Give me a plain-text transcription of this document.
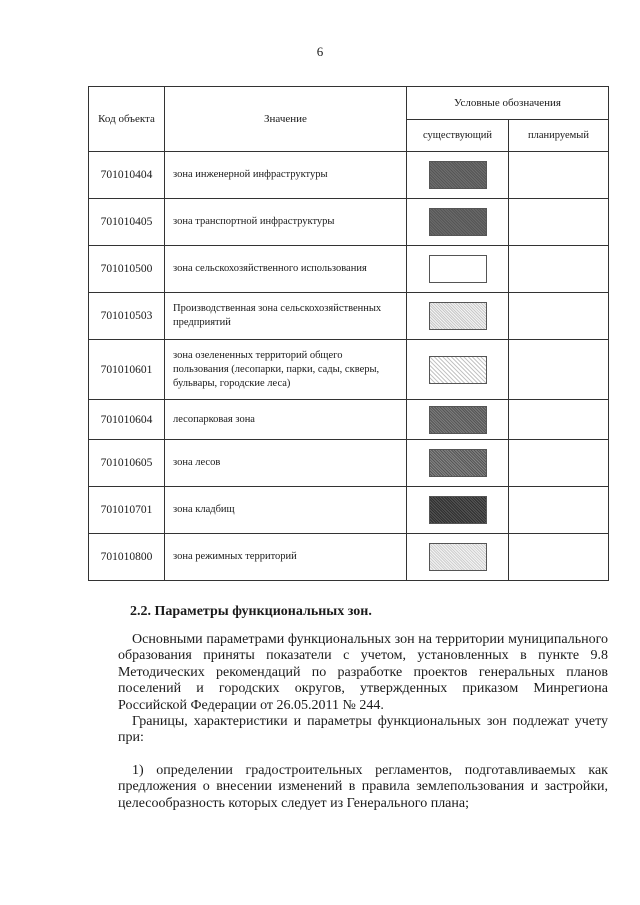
6
Код объекта	Значение	Условные обозначения	
		существующий	планируемый
701010404	зона инженерной инфраструктуры		
701010405	зона транспортной инфраструктуры		
701010500	зона сельскохозяйственного использования		
701010503	Производственная зона сельскохозяйственных предприятий		
701010601	зона озелененных территорий общего пользования (лесопарки, парки, сады, скверы, бульвары, городские леса)		
701010604	лесопарковая зона		
701010605	зона лесов		
701010701	зона кладбищ		
701010800	зона режимных территорий		
2.2. Параметры функциональных зон.

Основными параметрами функциональных зон на территории муниципального образования приняты показатели с учетом, установленных в пункте 9.8 Методических рекомендаций по разработке проектов генеральных планов поселений и городских округов, утвержденных приказом Минрегиона Российской Федерации от 26.05.2011 № 244.

Границы, характеристики и параметры функциональных зон подлежат учету при:

1) определении градостроительных регламентов, подготавливаемых как предложения о внесении изменений в правила землепользования и застройки, целесообразность которых следует из Генерального плана;
